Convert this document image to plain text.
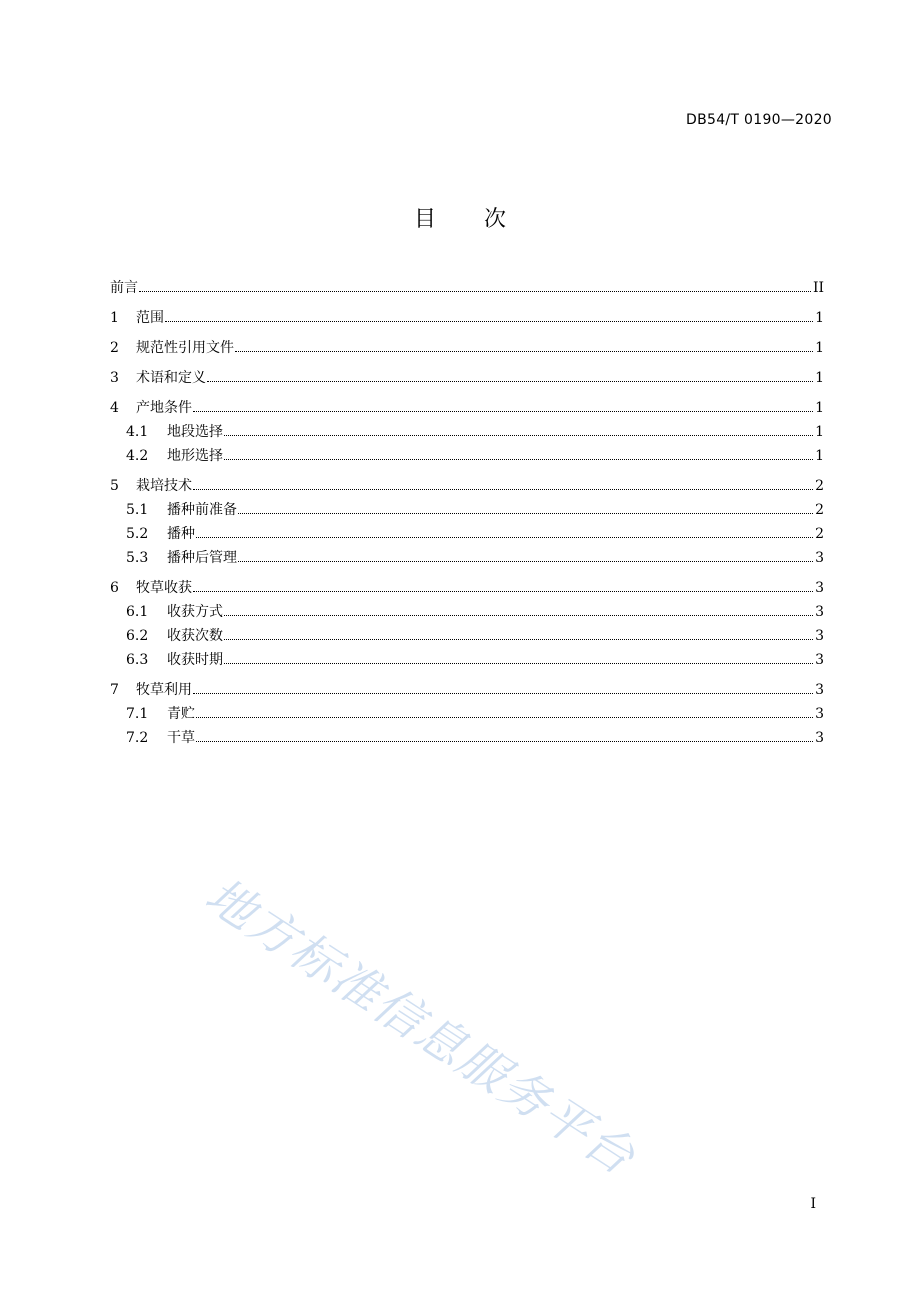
DB54/T 0190—2020
目 次
前言	II
1	范围	1
2	规范性引用文件	1
3	术语和定义	1
4	产地条件	1
4.1	地段选择	1
4.2	地形选择	1
5	栽培技术	2
5.1	播种前准备	2
5.2	播种	2
5.3	播种后管理	3
6	牧草收获	3
6.1	收获方式	3
6.2	收获次数	3
6.3	收获时期	3
7	牧草利用	3
7.1	青贮	3
7.2	干草	3
I
地方标准信息服务平台
